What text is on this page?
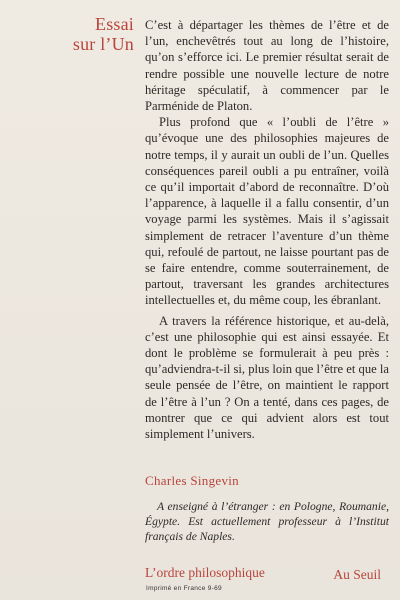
Essai
sur l’Un

C’est à départager les thèmes de l’être et de l’un, enchevêtrés tout au long de l’histoire, qu’on s’efforce ici. Le premier résultat serait de rendre possible une nouvelle lecture de notre héritage spéculatif, à commencer par le Parménide de Platon.

Plus profond que « l’oubli de l’être » qu’évoque une des philosophies majeures de notre temps, il y aurait un oubli de l’un. Quelles conséquences pareil oubli a pu entraîner, voilà ce qu’il importait d’abord de reconnaître. D’où l’apparence, à laquelle il a fallu consentir, d’un voyage parmi les systèmes. Mais il s’agissait simplement de retracer l’aventure d’un thème qui, refoulé de partout, ne laisse pourtant pas de se faire entendre, comme souterrainement, de partout, traversant les grandes architectures intellectuelles et, du même coup, les ébranlant.

A travers la référence historique, et au-delà, c’est une philosophie qui est ainsi essayée. Et dont le problème se formulerait à peu près : qu’adviendra-t-il si, plus loin que l’être et que la seule pensée de l’être, on maintient le rapport de l’être à l’un ? On a tenté, dans ces pages, de montrer que ce qui advient alors est tout simplement l’univers.

Charles Singevin
A enseigné à l’étranger : en Pologne, Roumanie, Égypte. Est actuellement professeur à l’Institut français de Naples.
L’ordre philosophique	Au Seuil
Imprimé en France 9-69
